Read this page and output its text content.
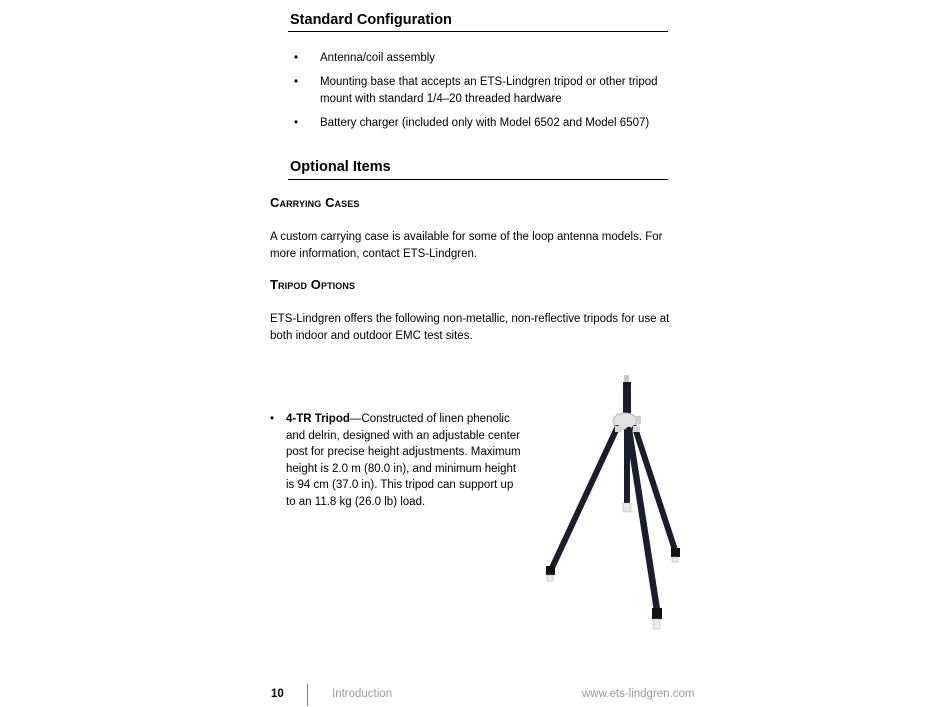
Standard Configuration
• Antenna/coil assembly
• Mounting base that accepts an ETS-Lindgren tripod or other tripod mount with standard 1/4–20 threaded hardware
• Battery charger (included only with Model 6502 and Model 6507)
Optional Items
Carrying Cases
A custom carrying case is available for some of the loop antenna models. For more information, contact ETS-Lindgren.
Tripod Options
ETS-Lindgren offers the following non-metallic, non-reflective tripods for use at both indoor and outdoor EMC test sites.
• 4-TR Tripod—Constructed of linen phenolic and delrin, designed with an adjustable center post for precise height adjustments. Maximum height is 2.0 m (80.0 in), and minimum height is 94 cm (37.0 in). This tripod can support up to an 11.8 kg (26.0 lb) load.
10	Introduction	www.ets-lindgren.com
